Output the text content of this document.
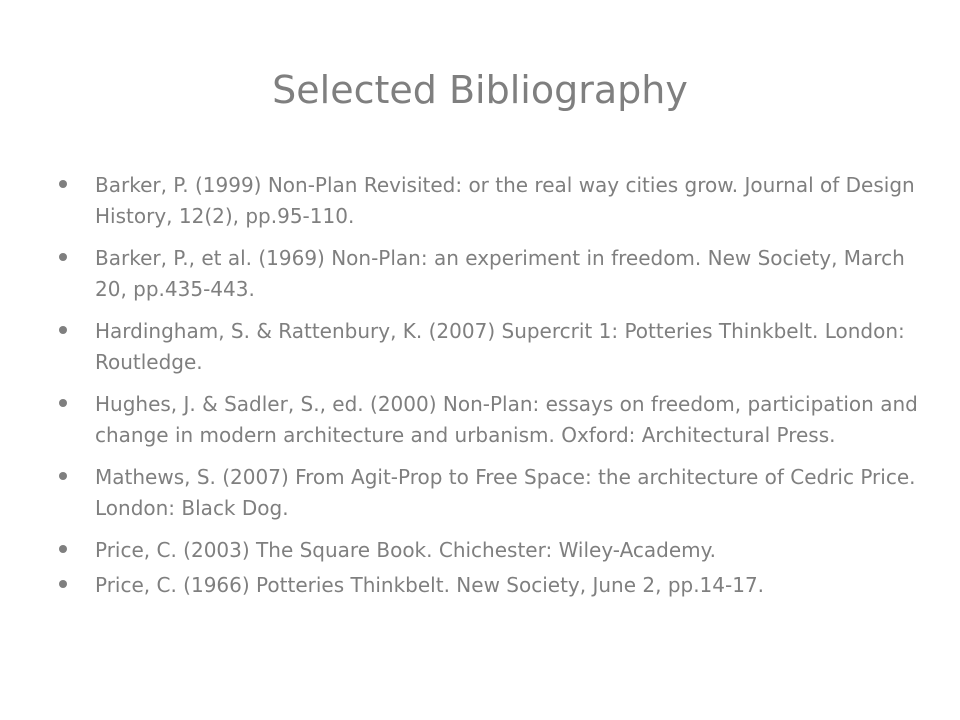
Selected Bibliography
Barker, P. (1999) Non-Plan Revisited: or the real way cities grow. Journal of Design History, 12(2), pp.95-110.
Barker, P., et al. (1969) Non-Plan: an experiment in freedom. New Society, March 20, pp.435-443.
Hardingham, S. & Rattenbury, K. (2007) Supercrit 1: Potteries Thinkbelt. London: Routledge.
Hughes, J. & Sadler, S., ed. (2000) Non-Plan: essays on freedom, participation and change in modern architecture and urbanism. Oxford: Architectural Press.
Mathews, S. (2007) From Agit-Prop to Free Space: the architecture of Cedric Price. London: Black Dog.
Price, C. (2003) The Square Book. Chichester: Wiley-Academy.
Price, C. (1966) Potteries Thinkbelt. New Society, June 2, pp.14-17.
